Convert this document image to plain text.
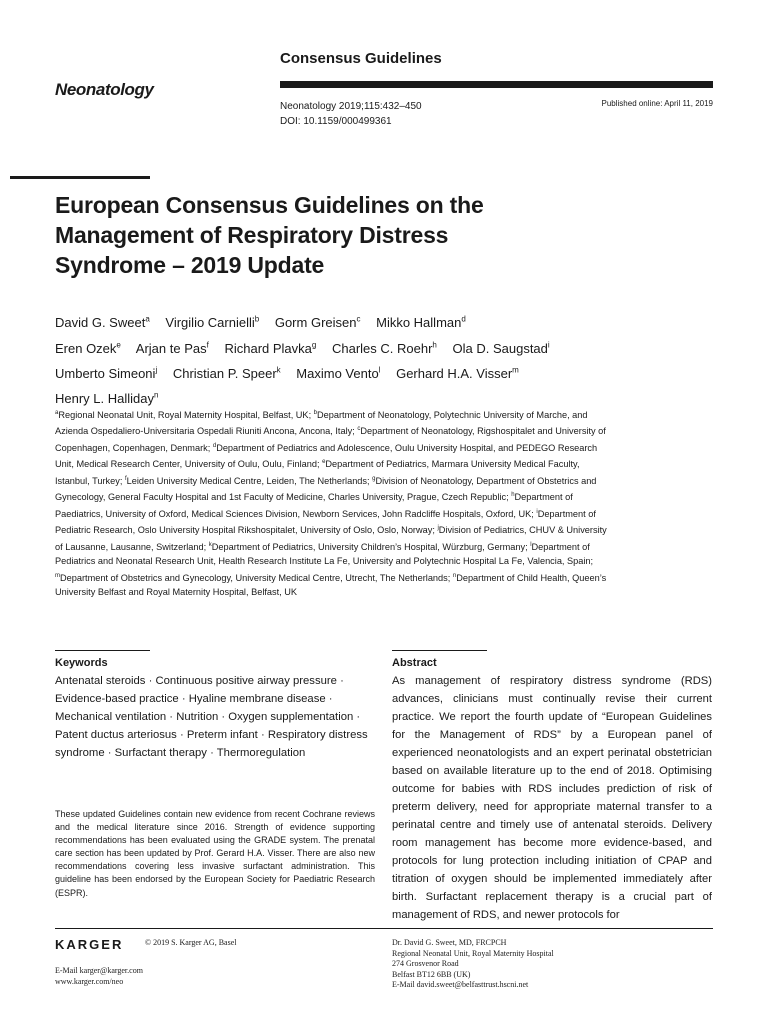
Consensus Guidelines
Neonatology
Neonatology 2019;115:432–450
DOI: 10.1159/000499361
Published online: April 11, 2019
European Consensus Guidelines on the
Management of Respiratory Distress
Syndrome – 2019 Update
David G. Sweet$^a$ Virgilio Carnielli$^b$ Gorm Greisen$^c$ Mikko Hallman$^d$
Eren Ozek$^e$ Arjan te Pas$^f$ Richard Plavka$^g$ Charles C. Roehr$^h$ Ola D. Saugstad$^i$
Umberto Simeoni$^j$ Christian P. Speer$^k$ Maximo Vento$^l$ Gerhard H.A. Visser$^m$
Henry L. Halliday$^n$
$^a$Regional Neonatal Unit, Royal Maternity Hospital, Belfast, UK; $^b$Department of Neonatology, Polytechnic University of Marche, and Azienda Ospedaliero-Universitaria Ospedali Riuniti Ancona, Ancona, Italy; $^c$Department of Neonatology, Rigshospitalet and University of Copenhagen, Copenhagen, Denmark; $^d$Department of Pediatrics and Adolescence, Oulu University Hospital, and PEDEGO Research Unit, Medical Research Center, University of Oulu, Oulu, Finland; $^e$Department of Pediatrics, Marmara University Medical Faculty, Istanbul, Turkey; $^f$Leiden University Medical Centre, Leiden, The Netherlands; $^g$Division of Neonatology, Department of Obstetrics and Gynecology, General Faculty Hospital and 1st Faculty of Medicine, Charles University, Prague, Czech Republic; $^h$Department of Paediatrics, University of Oxford, Medical Sciences Division, Newborn Services, John Radcliffe Hospitals, Oxford, UK; $^i$Department of Pediatric Research, Oslo University Hospital Rikshospitalet, University of Oslo, Oslo, Norway; $^j$Division of Pediatrics, CHUV & University of Lausanne, Lausanne, Switzerland; $^k$Department of Pediatrics, University Children’s Hospital, Würzburg, Germany; $^l$Department of Pediatrics and Neonatal Research Unit, Health Research Institute La Fe, University and Polytechnic Hospital La Fe, Valencia, Spain; $^m$Department of Obstetrics and Gynecology, University Medical Centre, Utrecht, The Netherlands; $^n$Department of Child Health, Queen’s University Belfast and Royal Maternity Hospital, Belfast, UK
Keywords
Antenatal steroids · Continuous positive airway pressure · Evidence-based practice · Hyaline membrane disease · Mechanical ventilation · Nutrition · Oxygen supplementation · Patent ductus arteriosus · Preterm infant · Respiratory distress syndrome · Surfactant therapy · Thermoregulation
These updated Guidelines contain new evidence from recent Cochrane reviews and the medical literature since 2016. Strength of evidence supporting recommendations has been evaluated using the GRADE system. The prenatal care section has been updated by Prof. Gerard H.A. Visser. There are also new recommendations covering less invasive surfactant administration. This guideline has been endorsed by the European Society for Paediatric Research (ESPR).
Abstract
As management of respiratory distress syndrome (RDS) advances, clinicians must continually revise their current practice. We report the fourth update of “European Guidelines for the Management of RDS” by a European panel of experienced neonatologists and an expert perinatal obstetrician based on available literature up to the end of 2018. Optimising outcome for babies with RDS includes prediction of risk of preterm delivery, need for appropriate maternal transfer to a perinatal centre and timely use of antenatal steroids. Delivery room management has become more evidence-based, and protocols for lung protection including initiation of CPAP and titration of oxygen should be implemented immediately after birth. Surfactant replacement therapy is a crucial part of management of RDS, and newer protocols for
KARGER	© 2019 S. Karger AG, Basel
E-Mail karger@karger.com
www.karger.com/neo
Dr. David G. Sweet, MD, FRCPCH
Regional Neonatal Unit, Royal Maternity Hospital
274 Grosvenor Road
Belfast BT12 6BB (UK)
E-Mail david.sweet@belfasttrust.hscni.net
